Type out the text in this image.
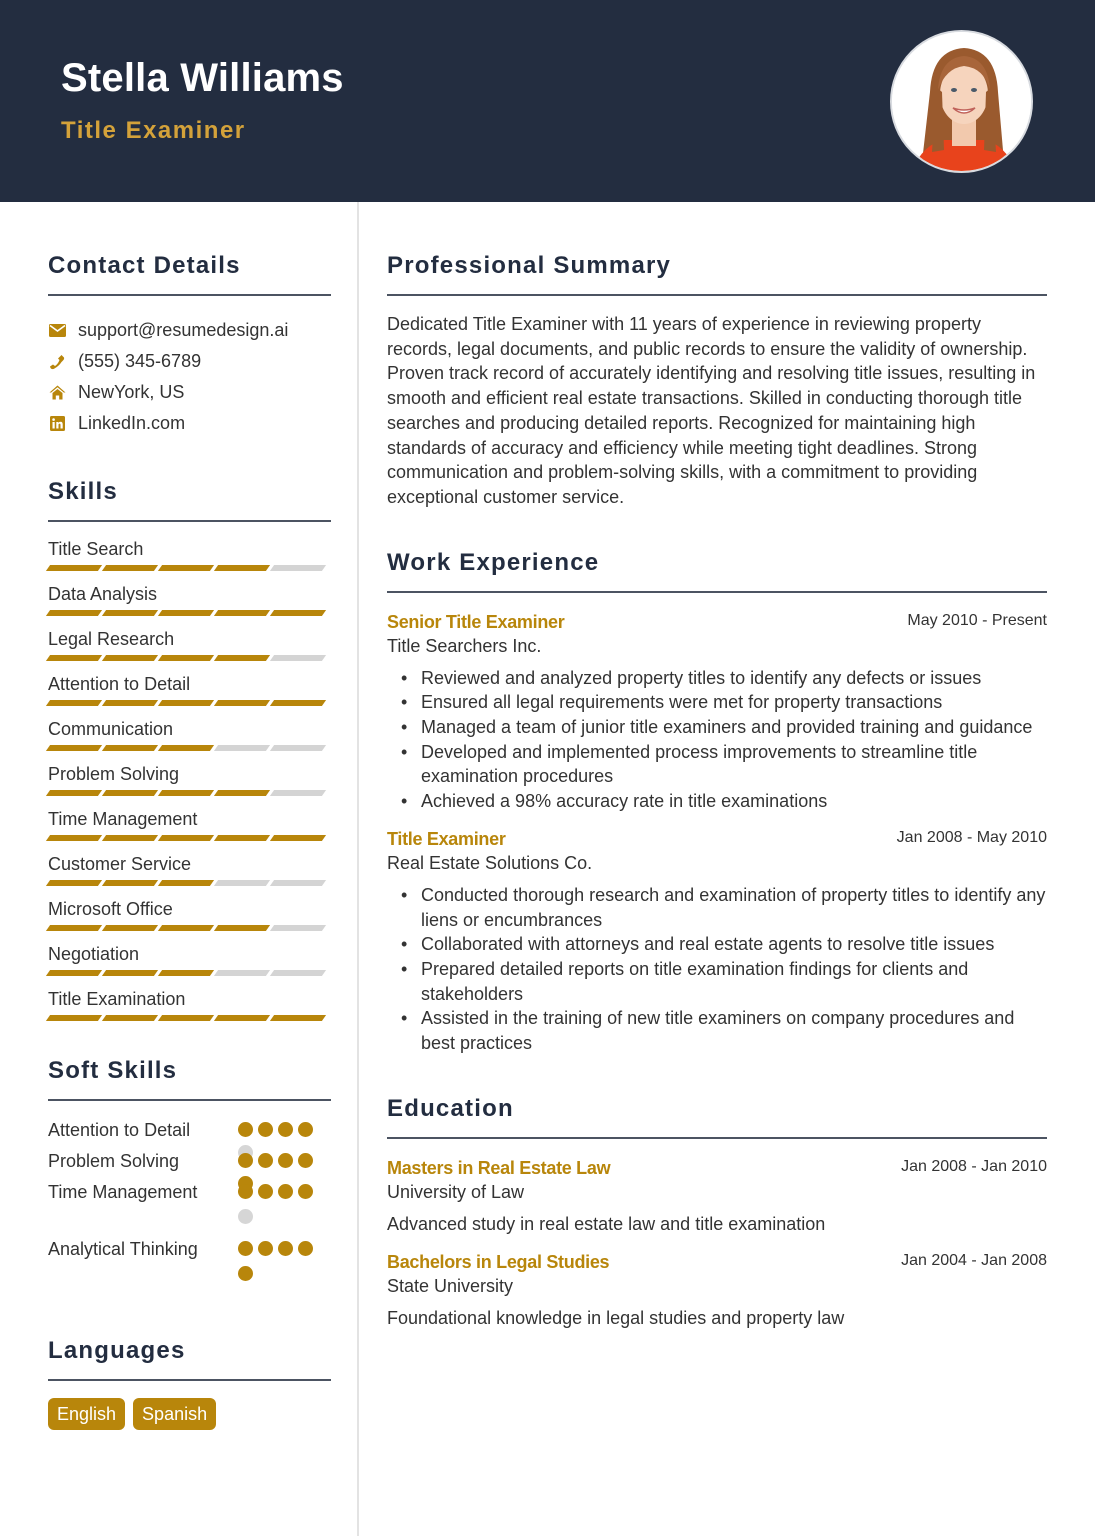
Stella Williams
Title Examiner
Contact Details
support@resumedesign.ai
(555) 345-6789
NewYork, US
LinkedIn.com
Skills
Title Search
Data Analysis
Legal Research
Attention to Detail
Communication
Problem Solving
Time Management
Customer Service
Microsoft Office
Negotiation
Title Examination
Soft Skills
Attention to Detail
Problem Solving
Time Management
Analytical Thinking
Languages
English	Spanish
Professional Summary

Dedicated Title Examiner with 11 years of experience in reviewing property records, legal documents, and public records to ensure the validity of ownership. Proven track record of accurately identifying and resolving title issues, resulting in smooth and efficient real estate transactions. Skilled in conducting thorough title searches and producing detailed reports. Recognized for maintaining high standards of accuracy and efficiency while meeting tight deadlines. Strong communication and problem-solving skills, with a commitment to providing exceptional customer service.

Work Experience
Senior Title Examiner	May 2010 - Present
Title Searchers Inc.
• Reviewed and analyzed property titles to identify any defects or issues
• Ensured all legal requirements were met for property transactions
• Managed a team of junior title examiners and provided training and guidance
• Developed and implemented process improvements to streamline title examination procedures
• Achieved a 98% accuracy rate in title examinations
Title Examiner	Jan 2008 - May 2010
Real Estate Solutions Co.
• Conducted thorough research and examination of property titles to identify any liens or encumbrances
• Collaborated with attorneys and real estate agents to resolve title issues
• Prepared detailed reports on title examination findings for clients and stakeholders
• Assisted in the training of new title examiners on company procedures and best practices
Education
Masters in Real Estate Law	Jan 2008 - Jan 2010
University of Law
Advanced study in real estate law and title examination
Bachelors in Legal Studies	Jan 2004 - Jan 2008
State University
Foundational knowledge in legal studies and property law
